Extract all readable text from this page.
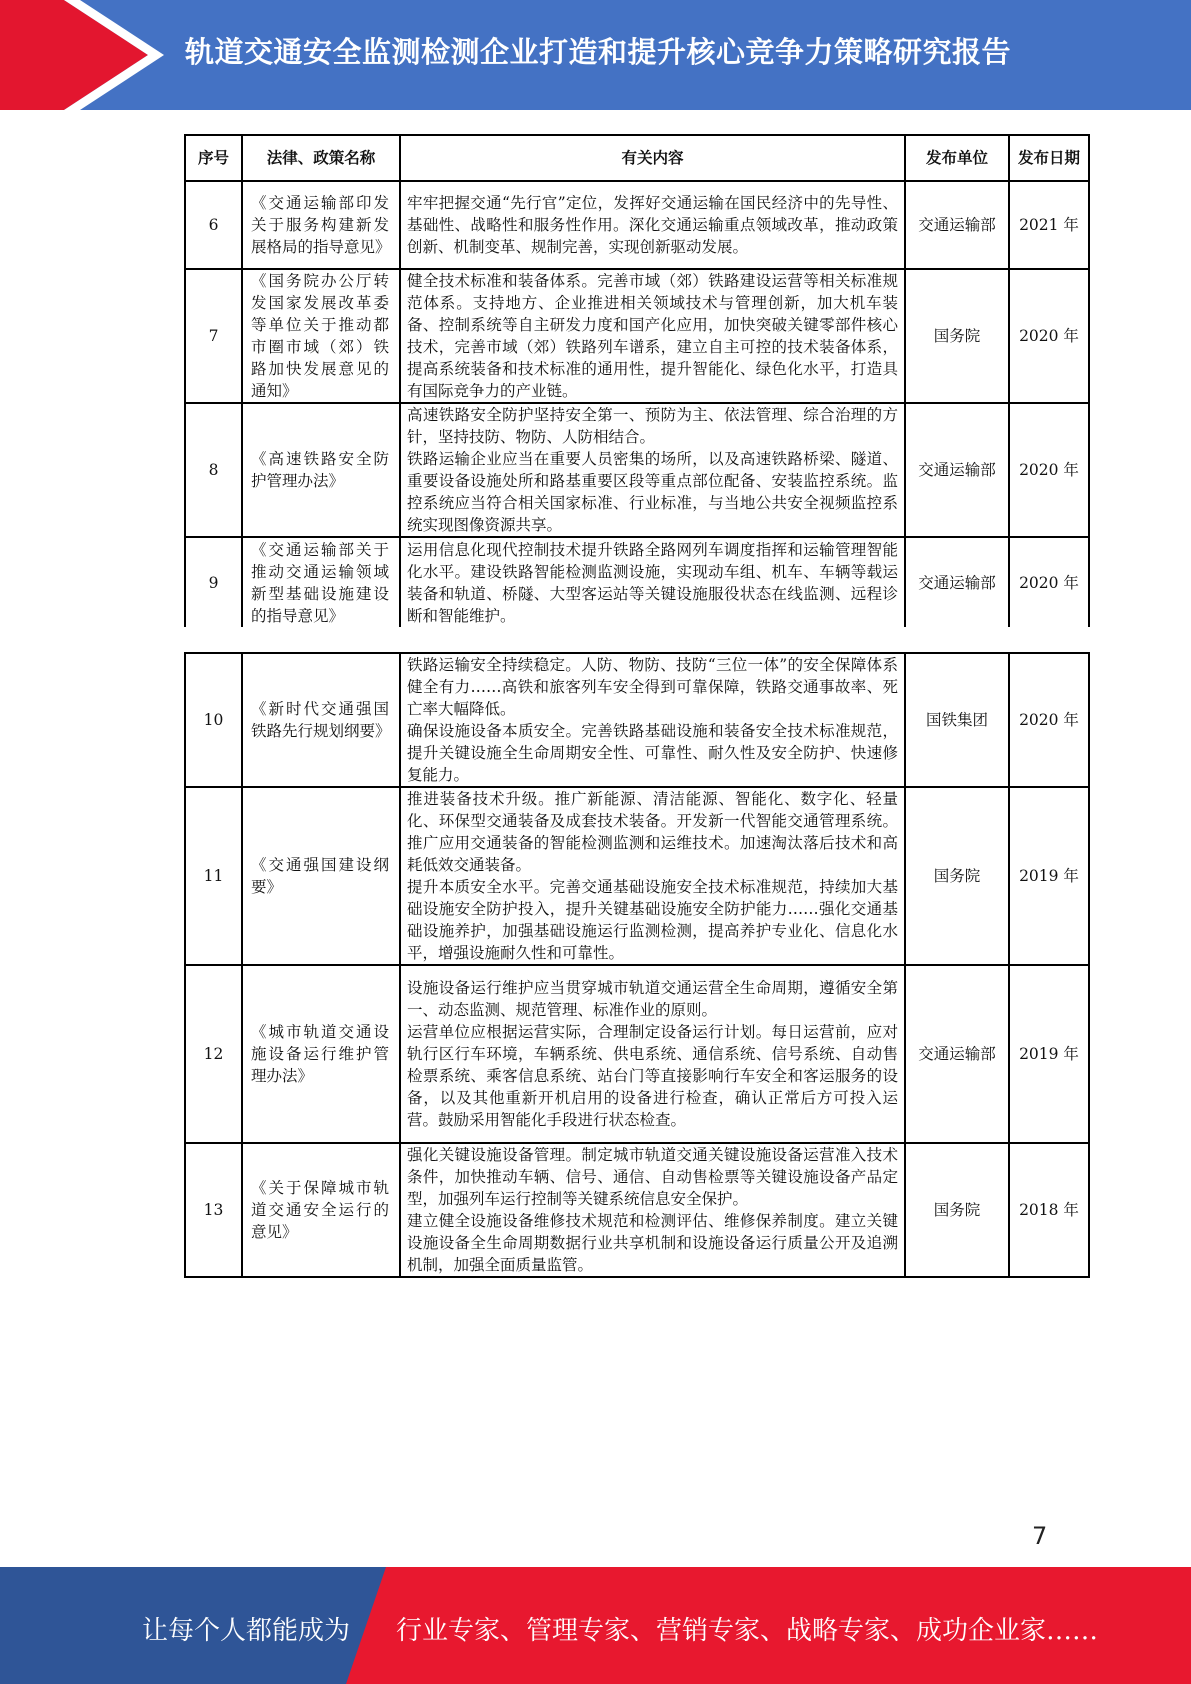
轨道交通安全监测检测企业打造和提升核心竞争力策略研究报告
序号	法律、政策名称	有关内容	发布单位	发布日期
6	《交通运输部印发关于服务构建新发展格局的指导意见》	牢牢把握交通“先行官”定位，发挥好交通运输在国民经济中的先导性、基础性、战略性和服务性作用。深化交通运输重点领域改革，推动政策创新、机制变革、规制完善，实现创新驱动发展。	交通运输部	2021 年
7	《国务院办公厅转发国家发展改革委等单位关于推动都市圈市域（郊）铁路加快发展意见的通知》	健全技术标准和装备体系。完善市域（郊）铁路建设运营等相关标准规范体系。支持地方、企业推进相关领域技术与管理创新，加大机车装备、控制系统等自主研发力度和国产化应用，加快突破关键零部件核心技术，完善市域（郊）铁路列车谱系，建立自主可控的技术装备体系，提高系统装备和技术标准的通用性，提升智能化、绿色化水平，打造具有国际竞争力的产业链。	国务院	2020 年
8	《高速铁路安全防护管理办法》	高速铁路安全防护坚持安全第一、预防为主、依法管理、综合治理的方针，坚持技防、物防、人防相结合。
铁路运输企业应当在重要人员密集的场所，以及高速铁路桥梁、隧道、重要设备设施处所和路基重要区段等重点部位配备、安装监控系统。监控系统应当符合相关国家标准、行业标准，与当地公共安全视频监控系统实现图像资源共享。	交通运输部	2020 年
9	《交通运输部关于推动交通运输领域新型基础设施建设的指导意见》	运用信息化现代控制技术提升铁路全路网列车调度指挥和运输管理智能化水平。建设铁路智能检测监测设施，实现动车组、机车、车辆等载运装备和轨道、桥隧、大型客运站等关键设施服役状态在线监测、远程诊断和智能维护。	交通运输部	2020 年
10	《新时代交通强国铁路先行规划纲要》	铁路运输安全持续稳定。人防、物防、技防“三位一体”的安全保障体系健全有力……高铁和旅客列车安全得到可靠保障，铁路交通事故率、死亡率大幅降低。
确保设施设备本质安全。完善铁路基础设施和装备安全技术标准规范，提升关键设施全生命周期安全性、可靠性、耐久性及安全防护、快速修复能力。	国铁集团	2020 年
11	《交通强国建设纲要》	推进装备技术升级。推广新能源、清洁能源、智能化、数字化、轻量化、环保型交通装备及成套技术装备。开发新一代智能交通管理系统。推广应用交通装备的智能检测监测和运维技术。加速淘汰落后技术和高耗低效交通装备。
提升本质安全水平。完善交通基础设施安全技术标准规范，持续加大基础设施安全防护投入，提升关键基础设施安全防护能力……强化交通基础设施养护，加强基础设施运行监测检测，提高养护专业化、信息化水平，增强设施耐久性和可靠性。	国务院	2019 年
12	《城市轨道交通设施设备运行维护管理办法》	设施设备运行维护应当贯穿城市轨道交通运营全生命周期，遵循安全第一、动态监测、规范管理、标准作业的原则。
运营单位应根据运营实际，合理制定设备运行计划。每日运营前，应对轨行区行车环境，车辆系统、供电系统、通信系统、信号系统、自动售检票系统、乘客信息系统、站台门等直接影响行车安全和客运服务的设备，以及其他重新开机启用的设备进行检查，确认正常后方可投入运营。鼓励采用智能化手段进行状态检查。	交通运输部	2019 年
13	《关于保障城市轨道交通安全运行的意见》	强化关键设施设备管理。制定城市轨道交通关键设施设备运营准入技术条件，加快推动车辆、信号、通信、自动售检票等关键设施设备产品定型，加强列车运行控制等关键系统信息安全保护。
建立健全设施设备维修技术规范和检测评估、维修保养制度。建立关键设施设备全生命周期数据行业共享机制和设施设备运行质量公开及追溯机制，加强全面质量监管。	国务院	2018 年
7
让每个人都能成为 行业专家、管理专家、营销专家、战略专家、成功企业家……
